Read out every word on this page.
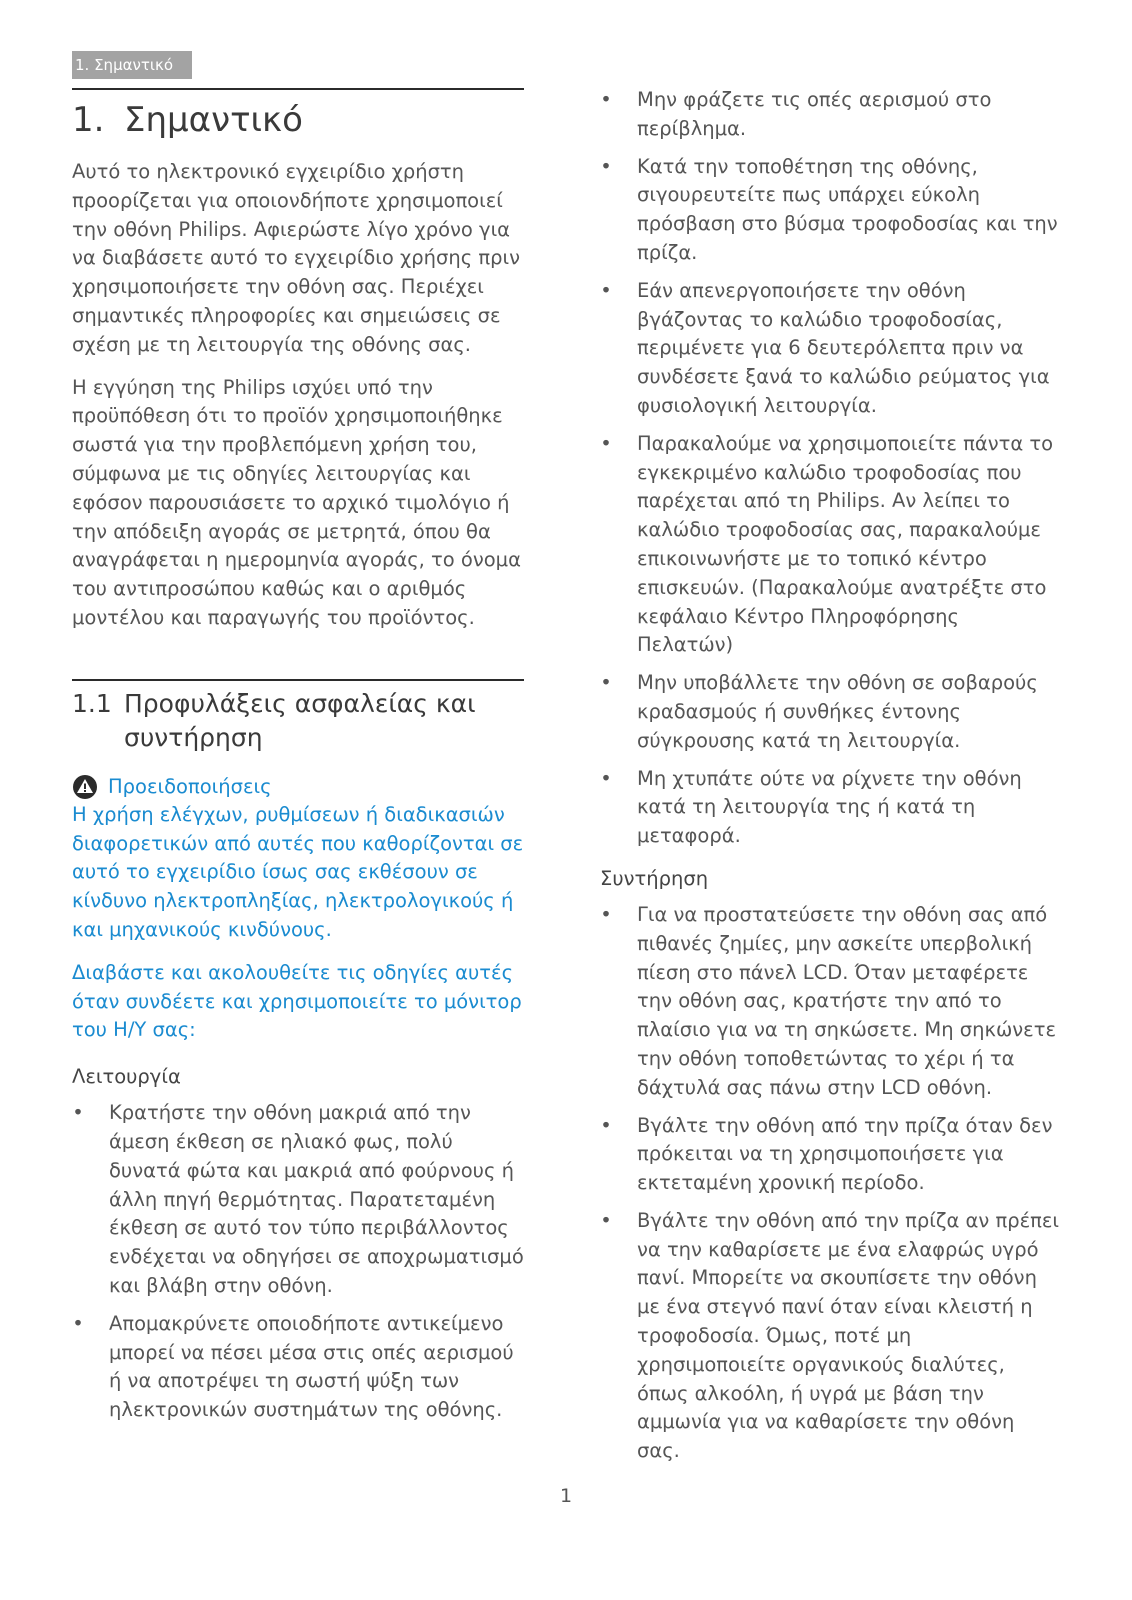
1. Σημαντικό
1. Σημαντικό

Αυτό το ηλεκτρονικό εγχειρίδιο χρήστη προορίζεται για οποιονδήποτε χρησιμοποιεί την οθόνη Philips. Αφιερώστε λίγο χρόνο για να διαβάσετε αυτό το εγχειρίδιο χρήσης πριν χρησιμοποιήσετε την οθόνη σας. Περιέχει σημαντικές πληροφορίες και σημειώσεις σε σχέση με τη λειτουργία της οθόνης σας.

Η εγγύηση της Philips ισχύει υπό την προϋπόθεση ότι το προϊόν χρησιμοποιήθηκε σωστά για την προβλεπόμενη χρήση του, σύμφωνα με τις οδηγίες λειτουργίας και εφόσον παρουσιάσετε το αρχικό τιμολόγιο ή την απόδειξη αγοράς σε μετρητά, όπου θα αναγράφεται η ημερομηνία αγοράς, το όνομα του αντιπροσώπου καθώς και ο αριθμός μοντέλου και παραγωγής του προϊόντος.

1.1 Προφυλάξεις ασφαλείας και συντήρηση
Προειδοποιήσεις

Η χρήση ελέγχων, ρυθμίσεων ή διαδικασιών διαφορετικών από αυτές που καθορίζονται σε αυτό το εγχειρίδιο ίσως σας εκθέσουν σε κίνδυνο ηλεκτροπληξίας, ηλεκτρολογικούς ή και μηχανικούς κινδύνους.

Διαβάστε και ακολουθείτε τις οδηγίες αυτές όταν συνδέετε και χρησιμοποιείτε το μόνιτορ του Η/Υ σας:

Λειτουργία
• Κρατήστε την οθόνη μακριά από την άμεση έκθεση σε ηλιακό φως, πολύ δυνατά φώτα και μακριά από φούρνους ή άλλη πηγή θερμότητας. Παρατεταμένη έκθεση σε αυτό τον τύπο περιβάλλοντος ενδέχεται να οδηγήσει σε αποχρωματισμό και βλάβη στην οθόνη.
• Απομακρύνετε οποιοδήποτε αντικείμενο μπορεί να πέσει μέσα στις οπές αερισμού ή να αποτρέψει τη σωστή ψύξη των ηλεκτρονικών συστημάτων της οθόνης.
• Μην φράζετε τις οπές αερισμού στο περίβλημα.
• Κατά την τοποθέτηση της οθόνης, σιγουρευτείτε πως υπάρχει εύκολη πρόσβαση στο βύσμα τροφοδοσίας και την πρίζα.
• Εάν απενεργοποιήσετε την οθόνη βγάζοντας το καλώδιο τροφοδοσίας, περιμένετε για 6 δευτερόλεπτα πριν να συνδέσετε ξανά το καλώδιο ρεύματος για φυσιολογική λειτουργία.
• Παρακαλούμε να χρησιμοποιείτε πάντα το εγκεκριμένο καλώδιο τροφοδοσίας που παρέχεται από τη Philips. Αν λείπει το καλώδιο τροφοδοσίας σας, παρακαλούμε επικοινωνήστε με το τοπικό κέντρο επισκευών. (Παρακαλούμε ανατρέξτε στο κεφάλαιο Κέντρο Πληροφόρησης Πελατών)
• Μην υποβάλλετε την οθόνη σε σοβαρούς κραδασμούς ή συνθήκες έντονης σύγκρουσης κατά τη λειτουργία.
• Μη χτυπάτε ούτε να ρίχνετε την οθόνη κατά τη λειτουργία της ή κατά τη μεταφορά.
Συντήρηση
• Για να προστατεύσετε την οθόνη σας από πιθανές ζημίες, μην ασκείτε υπερβολική πίεση στο πάνελ LCD. Όταν μεταφέρετε την οθόνη σας, κρατήστε την από το πλαίσιο για να τη σηκώσετε. Μη σηκώνετε την οθόνη τοποθετώντας το χέρι ή τα δάχτυλά σας πάνω στην LCD οθόνη.
• Βγάλτε την οθόνη από την πρίζα όταν δεν πρόκειται να τη χρησιμοποιήσετε για εκτεταμένη χρονική περίοδο.
• Βγάλτε την οθόνη από την πρίζα αν πρέπει να την καθαρίσετε με ένα ελαφρώς υγρό πανί. Μπορείτε να σκουπίσετε την οθόνη με ένα στεγνό πανί όταν είναι κλειστή η τροφοδοσία. Όμως, ποτέ μη χρησιμοποιείτε οργανικούς διαλύτες, όπως αλκοόλη, ή υγρά με βάση την αμμωνία για να καθαρίσετε την οθόνη σας.
1
